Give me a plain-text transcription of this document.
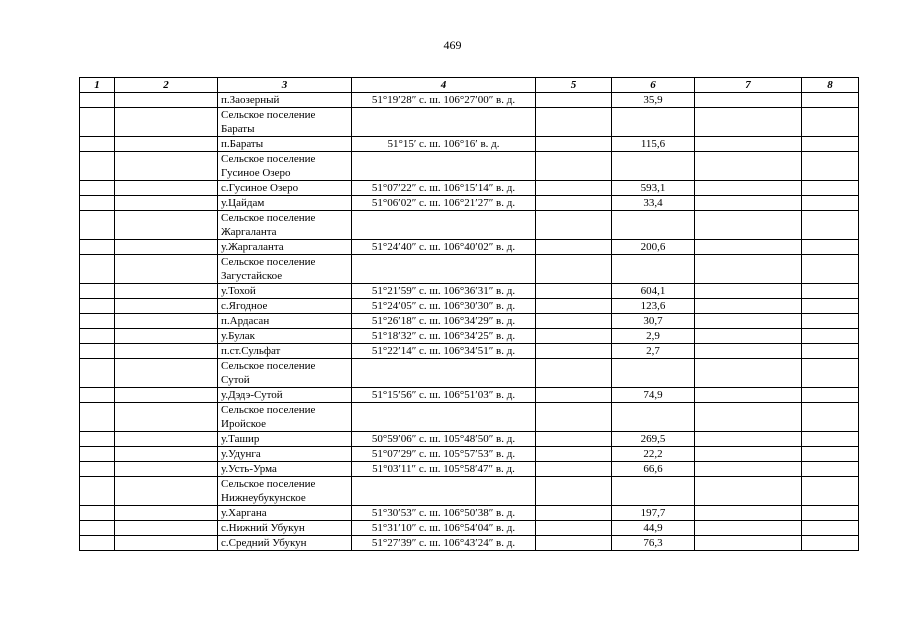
469
1	2	3	4	5	6	7	8

		п.Заозерный	51°19′28″ с. ш. 106°27′00″ в. д.		35,9		

		Сельское поселение
Бараты					

		п.Бараты	51°15′ с. ш. 106°16′ в. д.		115,6		

		Сельское поселение
Гусиное Озеро					

		с.Гусиное Озеро	51°07′22″ с. ш. 106°15′14″ в. д.		593,1		

		у.Цайдам	51°06′02″ с. ш. 106°21′27″ в. д.		33,4		

		Сельское поселение
Жаргаланта					

		у.Жаргаланта	51°24′40″ с. ш. 106°40′02″ в. д.		200,6		

		Сельское поселение
Загустайское					

		у.Тохой	51°21′59″ с. ш. 106°36′31″ в. д.		604,1		

		с.Ягодное	51°24′05″ с. ш. 106°30′30″ в. д.		123,6		

		п.Ардасан	51°26′18″ с. ш. 106°34′29″ в. д.		30,7		

		у.Булак	51°18′32″ с. ш. 106°34′25″ в. д.		2,9		

		п.ст.Сульфат	51°22′14″ с. ш. 106°34′51″ в. д.		2,7		

		Сельское поселение
Сутой					

		у.Дэдэ-Сутой	51°15′56″ с. ш. 106°51′03″ в. д.		74,9		

		Сельское поселение
Иройское					

		у.Ташир	50°59′06″ с. ш. 105°48′50″ в. д.		269,5		

		у.Удунга	51°07′29″ с. ш. 105°57′53″ в. д.		22,2		

		у.Усть-Урма	51°03′11″ с. ш. 105°58′47″ в. д.		66,6		

		Сельское поселение
Нижнеубукунское					

		у.Харгана	51°30′53″ с. ш. 106°50′38″ в. д.		197,7		

		с.Нижний Убукун	51°31′10″ с. ш. 106°54′04″ в. д.		44,9		

		с.Средний Убукун	51°27′39″ с. ш. 106°43′24″ в. д.		76,3		
